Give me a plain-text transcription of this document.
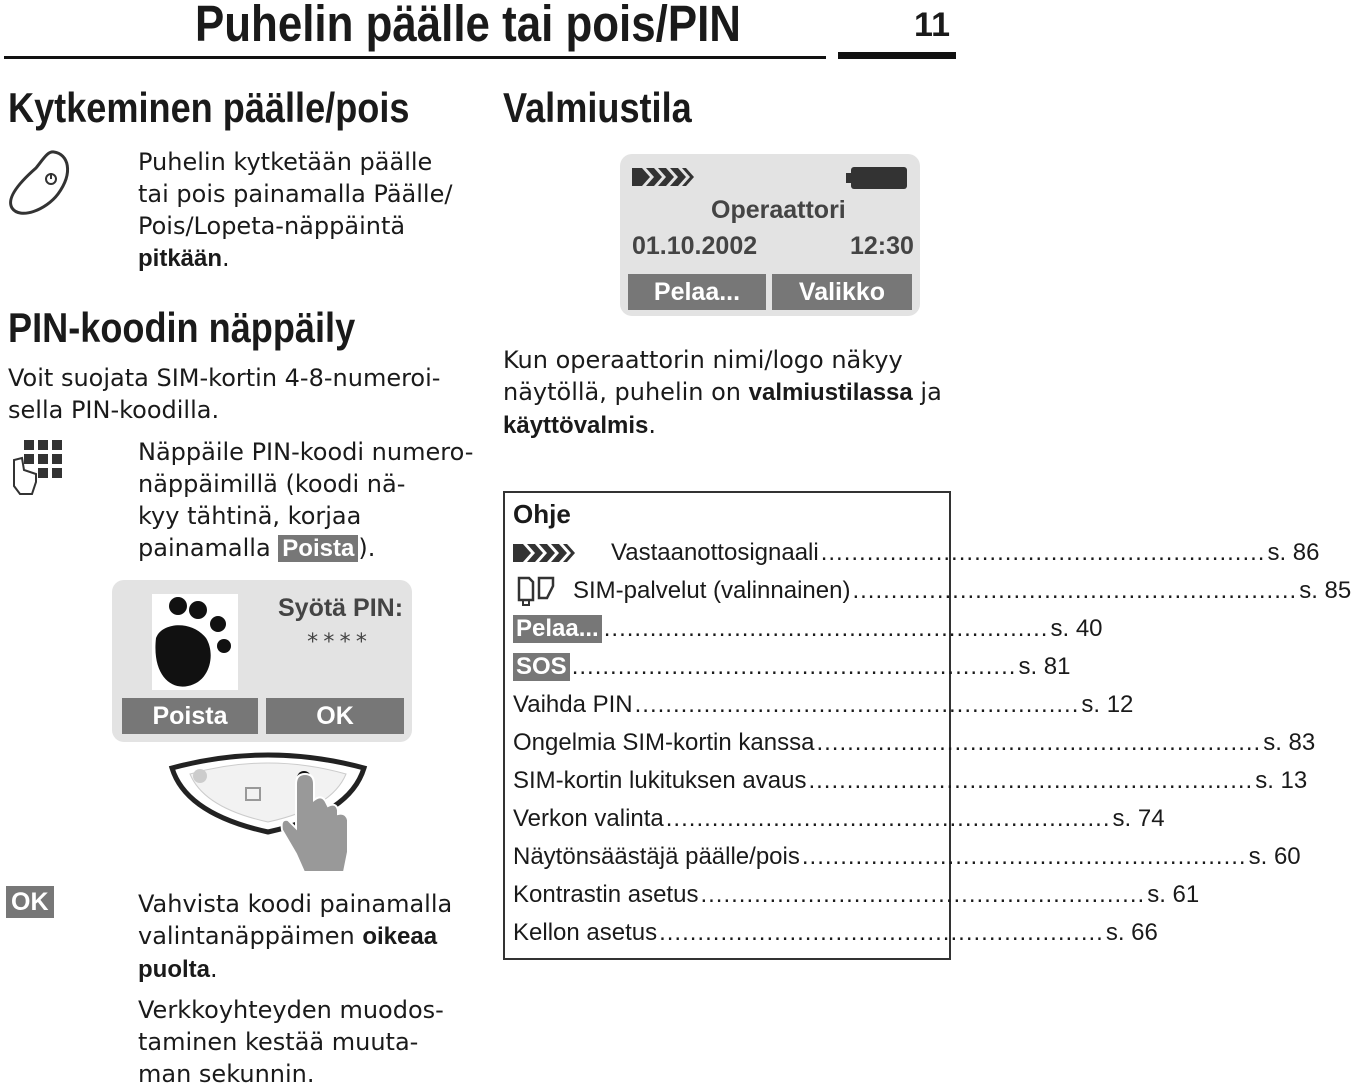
Puhelin päälle tai pois/PIN	11
Kytkeminen päälle/pois
Puhelin kytketään päälle
tai pois painamalla Päälle/
Pois/Lopeta-näppäintä
pitkään.
PIN-koodin näppäily
Voit suojata SIM-kortin 4-8-numeroi-
sella PIN-koodilla.
Näppäile PIN-koodi numero-
näppäimillä (koodi nä-
kyy tähtinä, korjaa
painamalla Poista ).
Syötä PIN:
****
Poista	OK
OK	Vahvista koodi painamalla
valintanäppäimen oikeaa
puolta.
Verkkoyhteyden muodos-
taminen kestää muuta-
man sekunnin.
Valmiustila
Operaattori
01.10.2002	12:30
Pelaa...	Valikko
Kun operaattorin nimi/logo näkyy
näytöllä, puhelin on valmiustilassa ja
käyttövalmis.
Ohje
Vastaanottosignaali .......................................................... s. 86
SIM-palvelut (valinnainen) .......................................................... s. 85
Pelaa... .......................................................... s. 40
SOS .......................................................... s. 81
Vaihda PIN .......................................................... s. 12
Ongelmia SIM-kortin kanssa .......................................................... s. 83
SIM-kortin lukituksen avaus .......................................................... s. 13
Verkon valinta .......................................................... s. 74
Näytönsäästäjä päälle/pois .......................................................... s. 60
Kontrastin asetus .......................................................... s. 61
Kellon asetus .......................................................... s. 66
